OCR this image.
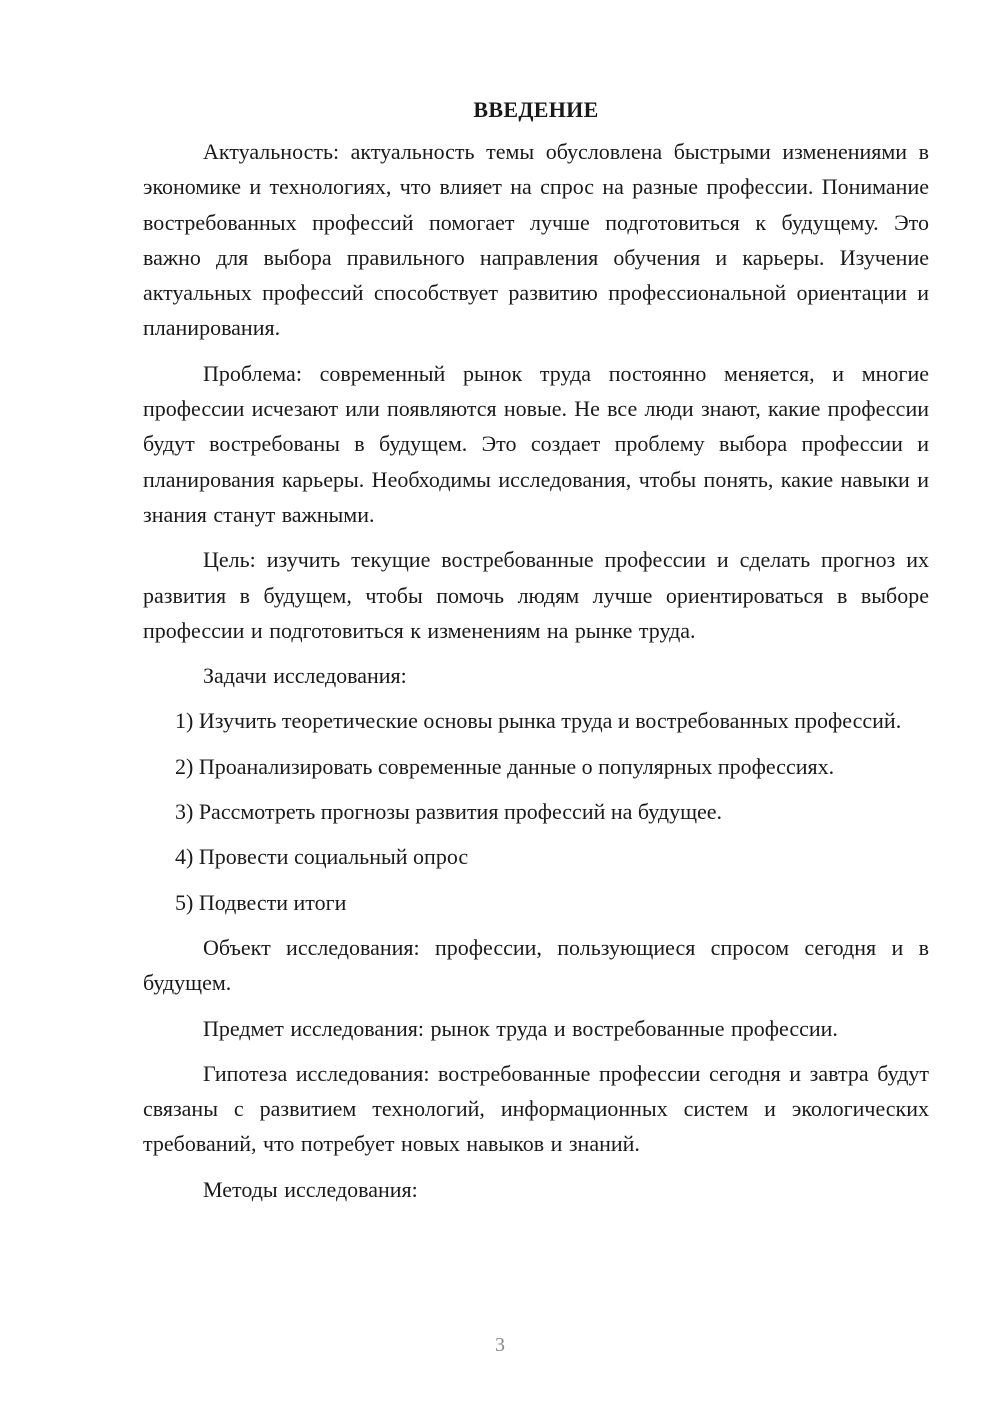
ВВЕДЕНИЕ

Актуальность: актуальность темы обусловлена быстрыми изменениями в экономике и технологиях, что влияет на спрос на разные профессии. Понимание востребованных профессий помогает лучше подготовиться к будущему. Это важно для выбора правильного направления обучения и карьеры. Изучение актуальных профессий способствует развитию профессиональной ориентации и планирования.

Проблема: современный рынок труда постоянно меняется, и многие профессии исчезают или появляются новые. Не все люди знают, какие профессии будут востребованы в будущем. Это создает проблему выбора профессии и планирования карьеры. Необходимы исследования, чтобы понять, какие навыки и знания станут важными.

Цель: изучить текущие востребованные профессии и сделать прогноз их развития в будущем, чтобы помочь людям лучше ориентироваться в выборе профессии и подготовиться к изменениям на рынке труда.

Задачи исследования:

1) Изучить теоретические основы рынка труда и востребованных профессий.

2) Проанализировать современные данные о популярных профессиях.

3) Рассмотреть прогнозы развития профессий на будущее.

4) Провести социальный опрос

5) Подвести итоги

Объект исследования: профессии, пользующиеся спросом сегодня и в будущем.

Предмет исследования: рынок труда и востребованные профессии.

Гипотеза исследования: востребованные профессии сегодня и завтра будут связаны с развитием технологий, информационных систем и экологических требований, что потребует новых навыков и знаний.

Методы исследования:

3
